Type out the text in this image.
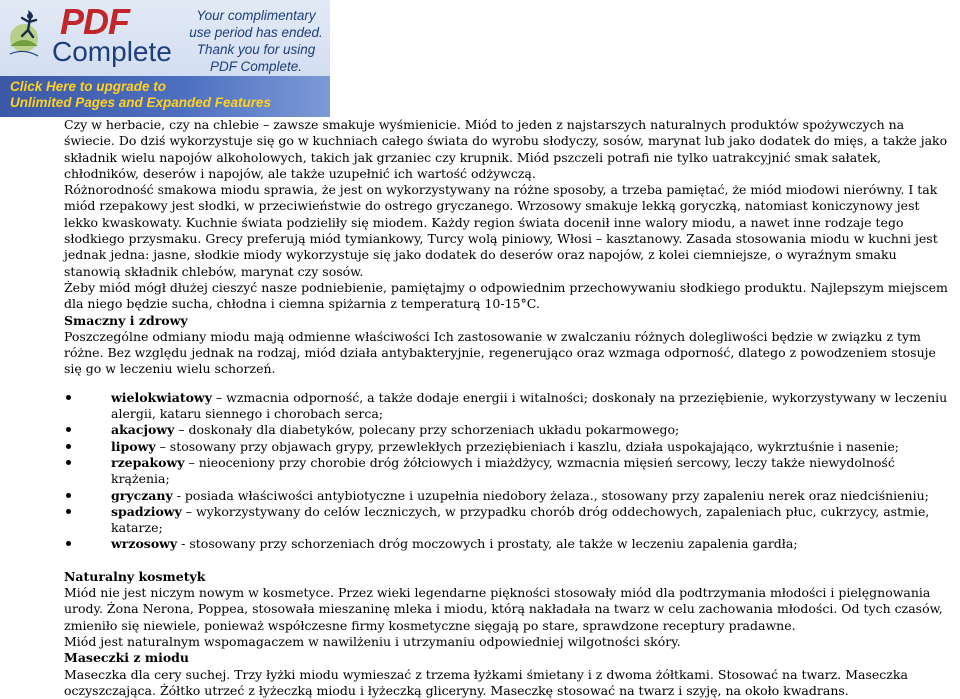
PDF
Complete
Your complimentary
use period has ended.
Thank you for using
PDF Complete.
Click Here to upgrade to
Unlimited Pages and Expanded Features

Czy w herbacie, czy na chlebie – zawsze smakuje wyśmienicie. Miód to jeden z najstarszych naturalnych produktów spożywczych na świecie. Do dziś wykorzystuje się go w kuchniach całego świata do wyrobu słodyczy, sosów, marynat lub jako dodatek do mięs, a także jako składnik wielu napojów alkoholowych, takich jak grzaniec czy krupnik. Miód pszczeli potrafi nie tylko uatrakcyjnić smak sałatek, chłodników, deserów i napojów, ale także uzupełnić ich wartość odżywczą.

Różnorodność smakowa miodu sprawia, że jest on wykorzystywany na różne sposoby, a trzeba pamiętać, że miód miodowi nierówny. I tak miód rzepakowy jest słodki, w przeciwieństwie do ostrego gryczanego. Wrzosowy smakuje lekką goryczką, natomiast koniczynowy jest lekko kwaskowaty. Kuchnie świata podzieliły się miodem. Każdy region świata docenił inne walory miodu, a nawet inne rodzaje tego słodkiego przysmaku. Grecy preferują miód tymiankowy, Turcy wolą piniowy, Włosi – kasztanowy. Zasada stosowania miodu w kuchni jest jednak jedna: jasne, słodkie miody wykorzystuje się jako dodatek do deserów oraz napojów, z kolei ciemniejsze, o wyraźnym smaku stanowią składnik chlebów, marynat czy sosów.

Żeby miód mógł dłużej cieszyć nasze podniebienie, pamiętajmy o odpowiednim przechowywaniu słodkiego produktu. Najlepszym miejscem dla niego będzie sucha, chłodna i ciemna spiżarnia z temperaturą 10-15°C.

Smaczny i zdrowy

Poszczególne odmiany miodu mają odmienne właściwości Ich zastosowanie w zwalczaniu różnych dolegliwości będzie w związku z tym różne. Bez względu jednak na rodzaj, miód działa antybakteryjnie, regenerująco oraz wzmaga odporność, dlatego z powodzeniem stosuje się go w leczeniu wielu schorzeń.

wielokwiatowy – wzmacnia odporność, a także dodaje energii i witalności; doskonały na przeziębienie, wykorzystywany w leczeniu alergii, kataru siennego i chorobach serca;
akacjowy – doskonały dla diabetyków, polecany przy schorzeniach układu pokarmowego;
lipowy – stosowany przy objawach grypy, przewlekłych przeziębieniach i kaszlu, działa uspokajająco, wykrztuśnie i nasenie;
rzepakowy – nieoceniony przy chorobie dróg żółciowych i miażdżycy, wzmacnia mięsień sercowy, leczy także niewydolność krążenia;
gryczany - posiada właściwości antybiotyczne i uzupełnia niedobory żelaza., stosowany przy zapaleniu nerek oraz niedciśnieniu;
spadziowy – wykorzystywany do celów leczniczych, w przypadku chorób dróg oddechowych, zapaleniach płuc, cukrzycy, astmie, katarze;
wrzosowy - stosowany przy schorzeniach dróg moczowych i prostaty, ale także w leczeniu zapalenia gardła;

Naturalny kosmetyk

Miód nie jest niczym nowym w kosmetyce. Przez wieki legendarne piękności stosowały miód dla podtrzymania młodości i pielęgnowania urody. Żona Nerona, Poppea, stosowała mieszaninę mleka i miodu, którą nakładała na twarz w celu zachowania młodości. Od tych czasów, zmieniło się niewiele, ponieważ współczesne firmy kosmetyczne sięgają po stare, sprawdzone receptury pradawne.

Miód jest naturalnym wspomagaczem w nawilżeniu i utrzymaniu odpowiedniej wilgotności skóry.

Maseczki z miodu

Maseczka dla cery suchej. Trzy łyżki miodu wymieszać z trzema łyżkami śmietany i z dwoma żółtkami. Stosować na twarz. Maseczka oczyszczająca. Żółtko utrzeć z łyżeczką miodu i łyżeczką gliceryny. Maseczkę stosować na twarz i szyję, na około kwadrans.
